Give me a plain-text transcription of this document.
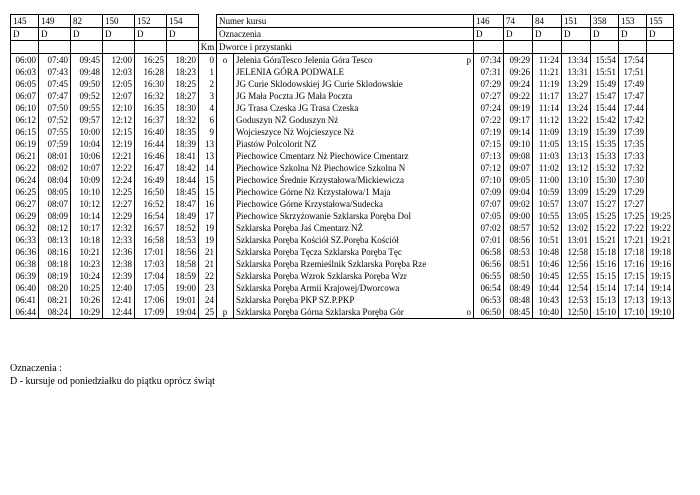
145	149	82	150	152	154		Numer kursu		146	74	84	151	358	153	155
D	D	D	D	D	D		Oznaczenia		D	D	D	D	D	D	D
						Km	Dworce i przystanki								
06:00	07:40	09:45	12:00	16:25	18:20	0	o	Jelenia GóraTesco Jelenia Góra Tesco p	07:34	09:29	11:24	13:34	15:54	17:54	
06:03	07:43	09:48	12:03	16:28	18:23	1		JELENIA GÓRA PODWALE	07:31	09:26	11:21	13:31	15:51	17:51	
06:05	07:45	09:50	12:05	16:30	18:25	2		JG Curie Sklodowskiej JG Curie Sklodowskie	07:29	09:24	11:19	13:29	15:49	17:49	
06:07	07:47	09:52	12:07	16:32	18:27	3		JG Mała Poczta JG Mała Poczta	07:27	09:22	11:17	13:27	15:47	17:47	
06:10	07:50	09:55	12:10	16:35	18:30	4		JG Trasa Czeska JG Trasa Czeska	07:24	09:19	11:14	13:24	15:44	17:44	
06:12	07:52	09:57	12:12	16:37	18:32	6		Goduszyn NŻ Goduszyn Nż	07:22	09:17	11:12	13:22	15:42	17:42	
06:15	07:55	10:00	12:15	16:40	18:35	9		Wojcieszyce Nż Wojcieszyce Nż	07:19	09:14	11:09	13:19	15:39	17:39	
06:19	07:59	10:04	12:19	16:44	18:39	13		Piastów Polcolorit NZ	07:15	09:10	11:05	13:15	15:35	17:35	
06:21	08:01	10:06	12:21	16:46	18:41	13		Piechowice Cmentarz Nż Piechowice Cmentarz	07:13	09:08	11:03	13:13	15:33	17:33	
06:22	08:02	10:07	12:22	16:47	18:42	14		Piechowice Szkolna Nż Piechowice Szkolna N	07:12	09:07	11:02	13:12	15:32	17:32	
06:24	08:04	10:09	12:24	16:49	18:44	15		Piechowice Średnie Krzystałowa/Mickiewicza	07:10	09:05	11:00	13:10	15:30	17:30	
06:25	08:05	10:10	12:25	16:50	18:45	15		Piechowice Górne Nż Krzystałowa/1 Maja	07:09	09:04	10:59	13:09	15:29	17:29	
06:27	08:07	10:12	12:27	16:52	18:47	16		Piechowice Górne Krzystałowa/Sudecka	07:07	09:02	10:57	13:07	15:27	17:27	
06:29	08:09	10:14	12:29	16:54	18:49	17		Piechowice Skrzyżowanie Szklarska Poręba Dol	07:05	09:00	10:55	13:05	15:25	17:25	19:25
06:32	08:12	10:17	12:32	16:57	18:52	19		Szklarska Poręba Jaś Cmentarz NŻ	07:02	08:57	10:52	13:02	15:22	17:22	19:22
06:33	08:13	10:18	12:33	16:58	18:53	19		Szklarska Poręba Kościół SZ.Poręba Kościół	07:01	08:56	10:51	13:01	15:21	17:21	19:21
06:36	08:16	10:21	12:36	17:01	18:56	21		Szklarska Poręba Tęcza Szklarska Poręba Tęc	06:58	08:53	10:48	12:58	15:18	17:18	19:18
06:38	08:18	10:23	12:38	17:03	18:58	21		Szklarska Poręba Rzemieślnik Szklarska Poręba Rze	06:56	08:51	10:46	12:56	15:16	17:16	19:16
06:39	08:19	10:24	12:39	17:04	18:59	22		Szklarska Poręba Wzrok Szklarska Poręba Wzr	06:55	08:50	10:45	12:55	15:15	17:15	19:15
06:40	08:20	10:25	12:40	17:05	19:00	23		Szklarska Poręba Armii Krajowej/Dworcowa	06:54	08:49	10:44	12:54	15:14	17:14	19:14
06:41	08:21	10:26	12:41	17:06	19:01	24		Szklarska Poręba PKP SZ.P.PKP	06:53	08:48	10:43	12:53	15:13	17:13	19:13
06:44	08:24	10:29	12:44	17:09	19:04	25	p	Szklarska Poręba Górna Szklarska Poręba Gór o	06:50	08:45	10:40	12:50	15:10	17:10	19:10
Oznaczenia :
D - kursuje od poniedziałku do piątku oprócz świąt
